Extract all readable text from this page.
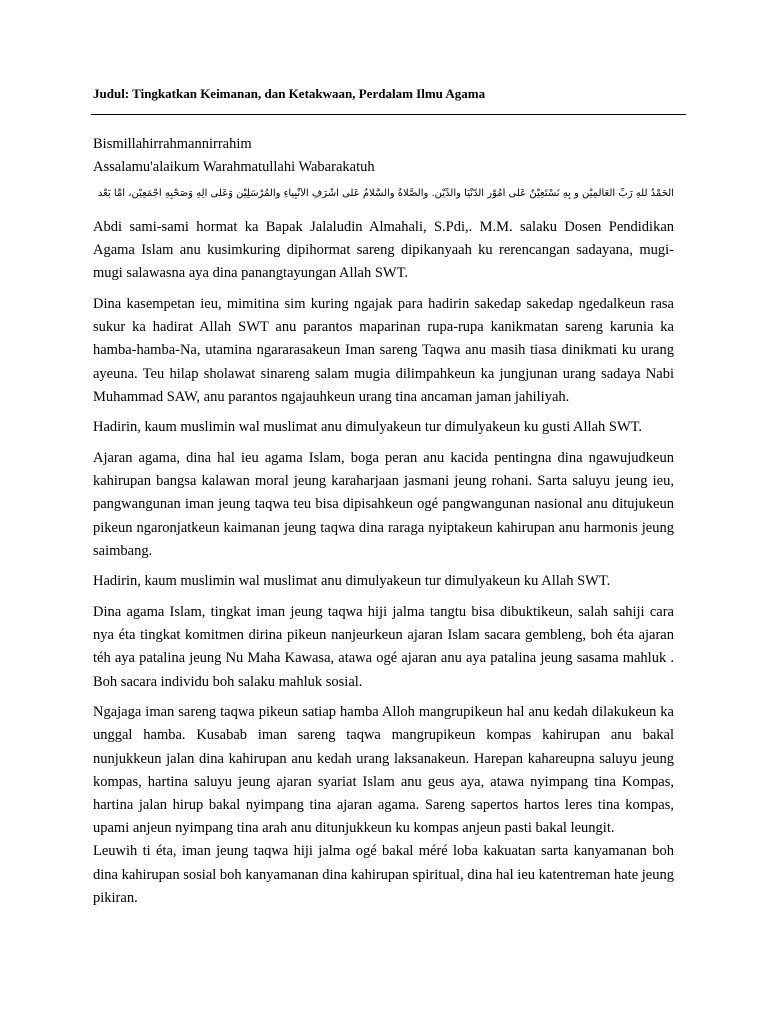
Judul: Tingkatkan Keimanan, dan Ketakwaan, Perdalam Ilmu Agama
Bismillahirrahmannirrahim
Assalamu'alaikum Warahmatullahi Wabarakatuh
الحَمْدُ للهِ رَبِّ العَالَمِيْن و بِهِ نَسْتَعِيْنُ عَلى أُمُوْرِ الدُّنْيَا والدِّيْن. والصَّلاةُ والسَّلامُ عَلى أَشْرَفِ الأَنْبِياءِ والمُرْسَلِيْن وَعَلى آلِهِ وَصَحْبِهِ أَجْمَعِيْن، امَّا بَعْد

Abdi sami-sami hormat ka Bapak Jalaludin Almahali, S.Pdi,. M.M. salaku Dosen Pendidikan Agama Islam anu kusimkuring dipihormat sareng dipikanyaah ku rerencangan sadayana, mugi-mugi salawasna aya dina panangtayungan Allah SWT.

Dina kasempetan ieu, mimitina sim kuring ngajak para hadirin sakedap sakedap ngedalkeun rasa sukur ka hadirat Allah SWT anu parantos maparinan rupa-rupa kanikmatan sareng karunia ka hamba-hamba-Na, utamina ngararasakeun Iman sareng Taqwa anu masih tiasa dinikmati ku urang ayeuna. Teu hilap sholawat sinareng salam mugia dilimpahkeun ka jungjunan urang sadaya Nabi Muhammad SAW, anu parantos ngajauhkeun urang tina ancaman jaman jahiliyah.

Hadirin, kaum muslimin wal muslimat anu dimulyakeun tur dimulyakeun ku gusti Allah SWT.

Ajaran agama, dina hal ieu agama Islam, boga peran anu kacida pentingna dina ngawujudkeun kahirupan bangsa kalawan moral jeung karaharjaan jasmani jeung rohani. Sarta saluyu jeung ieu, pangwangunan iman jeung taqwa teu bisa dipisahkeun ogé pangwangunan nasional anu ditujukeun pikeun ngaronjatkeun kaimanan jeung taqwa dina raraga nyiptakeun kahirupan anu harmonis jeung saimbang.

Hadirin, kaum muslimin wal muslimat anu dimulyakeun tur dimulyakeun ku Allah SWT.

Dina agama Islam, tingkat iman jeung taqwa hiji jalma tangtu bisa dibuktikeun, salah sahiji cara nya éta tingkat komitmen dirina pikeun nanjeurkeun ajaran Islam sacara gembleng, boh éta ajaran téh aya patalina jeung Nu Maha Kawasa, atawa ogé ajaran anu aya patalina jeung sasama mahluk . Boh sacara individu boh salaku mahluk sosial.

Ngajaga iman sareng taqwa pikeun satiap hamba Alloh mangrupikeun hal anu kedah dilakukeun ka unggal hamba. Kusabab iman sareng taqwa mangrupikeun kompas kahirupan anu bakal nunjukkeun jalan dina kahirupan anu kedah urang laksanakeun. Harepan kahareupna saluyu jeung kompas, hartina saluyu jeung ajaran syariat Islam anu geus aya, atawa nyimpang tina Kompas, hartina jalan hirup bakal nyimpang tina ajaran agama. Sareng sapertos hartos leres tina kompas, upami anjeun nyimpang tina arah anu ditunjukkeun ku kompas anjeun pasti bakal leungit.

Leuwih ti éta, iman jeung taqwa hiji jalma ogé bakal méré loba kakuatan sarta kanyamanan boh dina kahirupan sosial boh kanyamanan dina kahirupan spiritual, dina hal ieu katentreman hate jeung pikiran.
